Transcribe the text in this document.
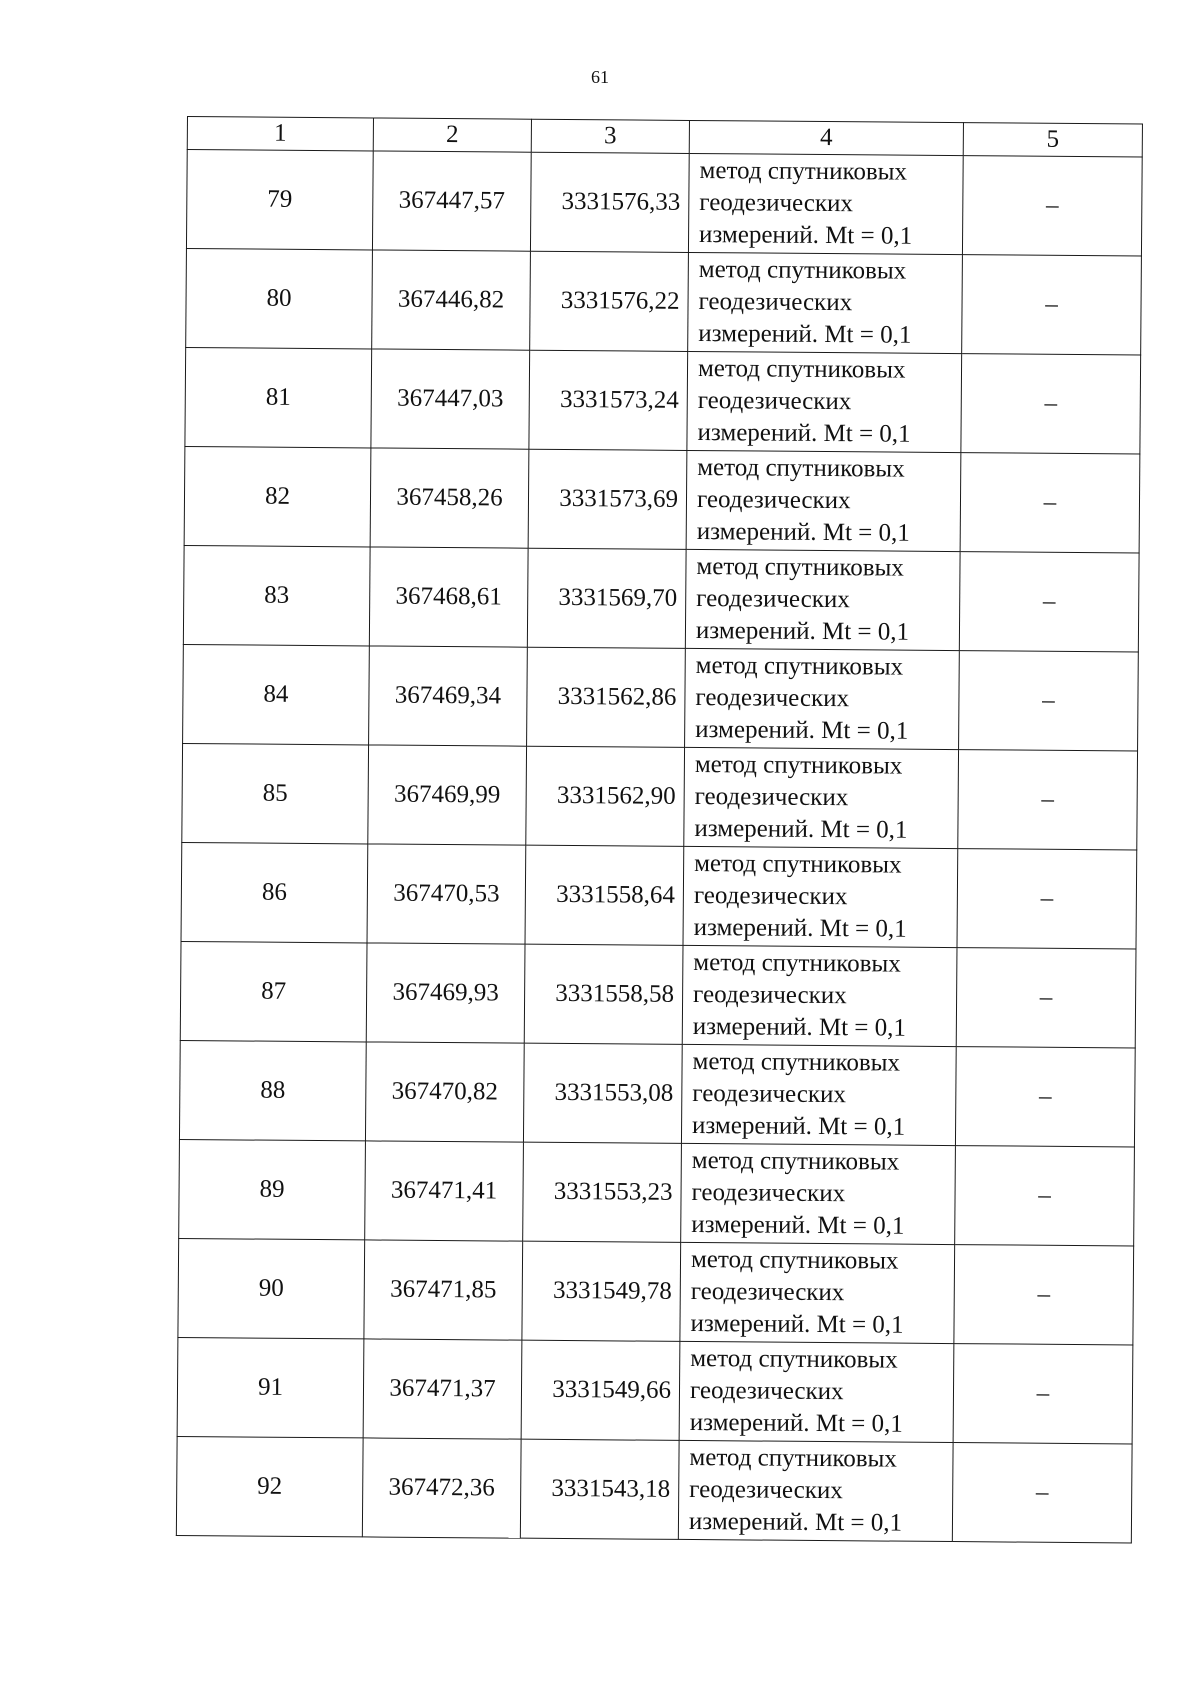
61
1	2	3	4	5
79	367447,57	3331576,33	метод спутниковых
геодезических
измерений. Mt = 0,1	–
80	367446,82	3331576,22	метод спутниковых
геодезических
измерений. Mt = 0,1	–
81	367447,03	3331573,24	метод спутниковых
геодезических
измерений. Mt = 0,1	–
82	367458,26	3331573,69	метод спутниковых
геодезических
измерений. Mt = 0,1	–
83	367468,61	3331569,70	метод спутниковых
геодезических
измерений. Mt = 0,1	–
84	367469,34	3331562,86	метод спутниковых
геодезических
измерений. Mt = 0,1	–
85	367469,99	3331562,90	метод спутниковых
геодезических
измерений. Mt = 0,1	–
86	367470,53	3331558,64	метод спутниковых
геодезических
измерений. Mt = 0,1	–
87	367469,93	3331558,58	метод спутниковых
геодезических
измерений. Mt = 0,1	–
88	367470,82	3331553,08	метод спутниковых
геодезических
измерений. Mt = 0,1	–
89	367471,41	3331553,23	метод спутниковых
геодезических
измерений. Mt = 0,1	–
90	367471,85	3331549,78	метод спутниковых
геодезических
измерений. Mt = 0,1	–
91	367471,37	3331549,66	метод спутниковых
геодезических
измерений. Mt = 0,1	–
92	367472,36	3331543,18	метод спутниковых
геодезических
измерений. Mt = 0,1	–
